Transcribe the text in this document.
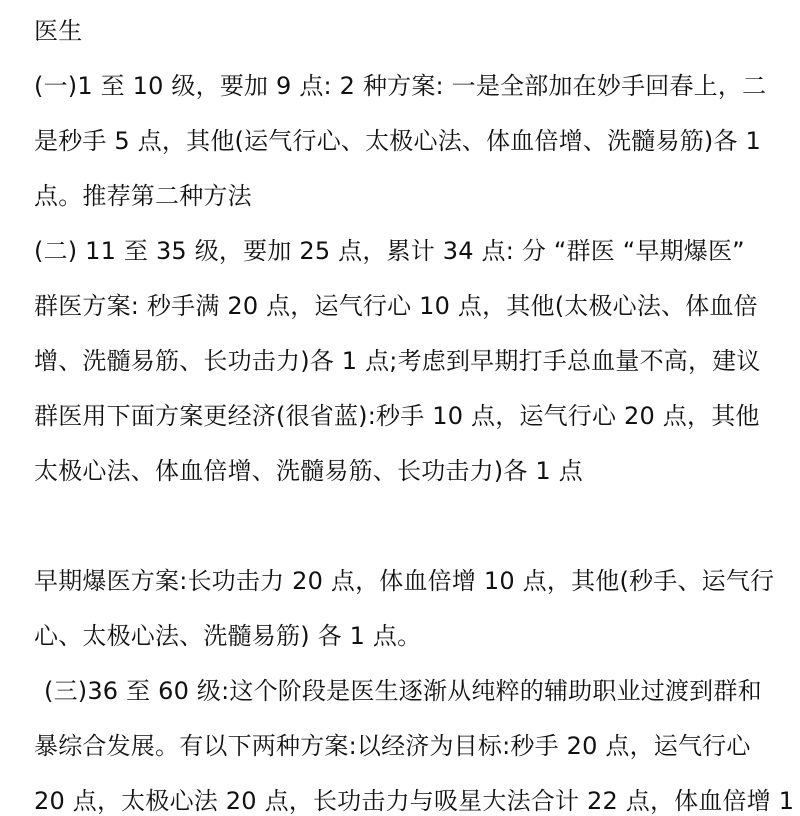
医生
(一)1 至 10 级，要加 9 点: 2 种方案: 一是全部加在妙手回春上，二
是秒手 5 点，其他(运气行心、太极心法、体血倍增、洗髓易筋)各 1
点。推荐第二种方法
(二) 11 至 35 级，要加 25 点，累计 34 点: 分 “群医 “早期爆医”
群医方案: 秒手满 20 点，运气行心 10 点，其他(太极心法、体血倍
增、洗髓易筋、长功击力)各 1 点;考虑到早期打手总血量不高，建议
群医用下面方案更经济(很省蓝):秒手 10 点，运气行心 20 点，其他
太极心法、体血倍增、洗髓易筋、长功击力)各 1 点
早期爆医方案:长功击力 20 点，体血倍增 10 点，其他(秒手、运气行
心、太极心法、洗髓易筋) 各 1 点。
(三)36 至 60 级:这个阶段是医生逐渐从纯粹的辅助职业过渡到群和
暴综合发展。有以下两种方案:以经济为目标:秒手 20 点，运气行心
20 点，太极心法 20 点，长功击力与吸星大法合计 22 点，体血倍增 1
